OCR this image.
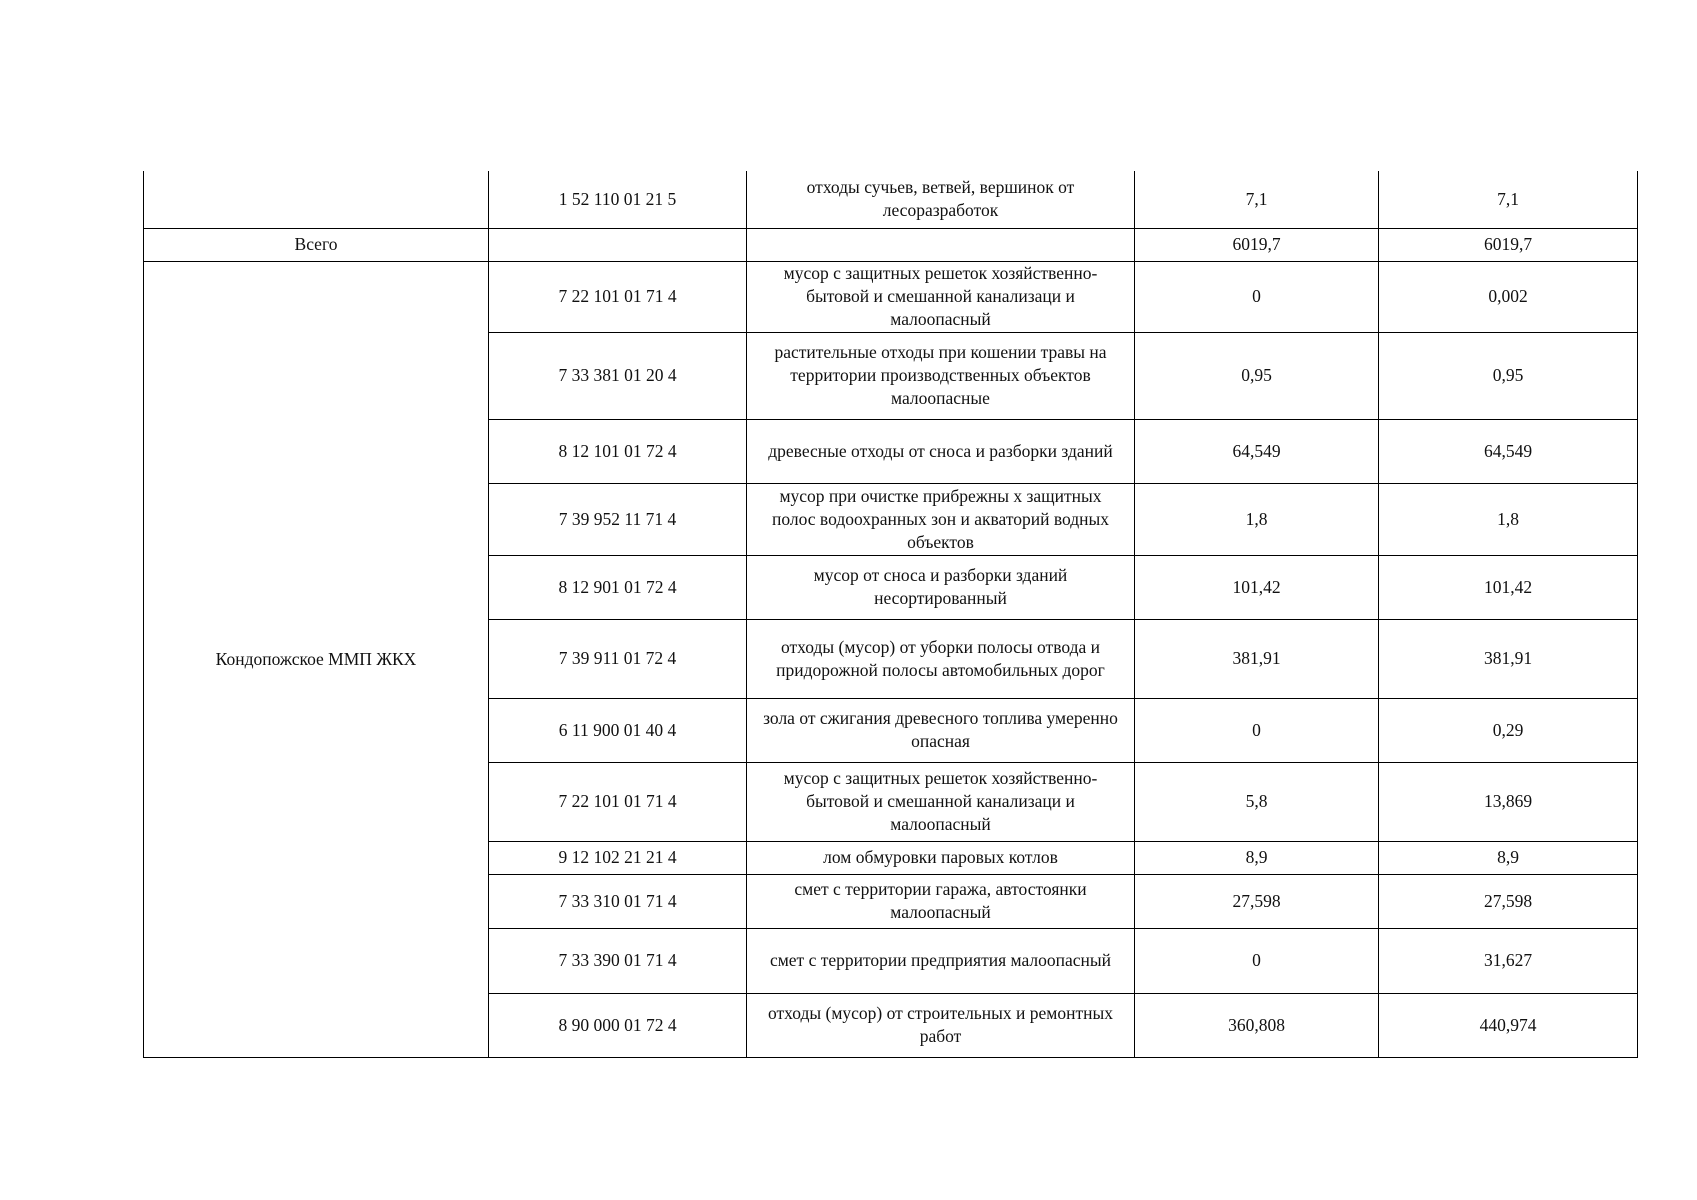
	1 52 110 01 21 5	отходы сучьев, ветвей, вершинок от лесоразработок	7,1	7,1
Всего			6019,7	6019,7
Кондопожское ММП ЖКХ	7 22 101 01 71 4	мусор с защитных решеток хозяйственно-бытовой и смешанной канализаци и малоопасный	0	0,002
	7 33 381 01 20 4	растительные отходы при кошении травы на территории производственных объектов малоопасные	0,95	0,95
	8 12 101 01 72 4	древесные отходы от сноса и разборки зданий	64,549	64,549
	7 39 952 11 71 4	мусор при очистке прибрежны х защитных полос водоохранных зон и акваторий водных объектов	1,8	1,8
	8 12 901 01 72 4	мусор от сноса и разборки зданий несортированный	101,42	101,42
	7 39 911 01 72 4	отходы (мусор) от уборки полосы отвода и придорожной полосы автомобильных дорог	381,91	381,91
	6 11 900 01 40 4	зола от сжигания древесного топлива умеренно опасная	0	0,29
	7 22 101 01 71 4	мусор с защитных решеток хозяйственно-бытовой и смешанной канализаци и малоопасный	5,8	13,869
	9 12 102 21 21 4	лом обмуровки паровых котлов	8,9	8,9
	7 33 310 01 71 4	смет с территории гаража, автостоянки малоопасный	27,598	27,598
	7 33 390 01 71 4	смет с территории предприятия малоопасный	0	31,627
	8 90 000 01 72 4	отходы (мусор) от строительных и ремонтных работ	360,808	440,974
